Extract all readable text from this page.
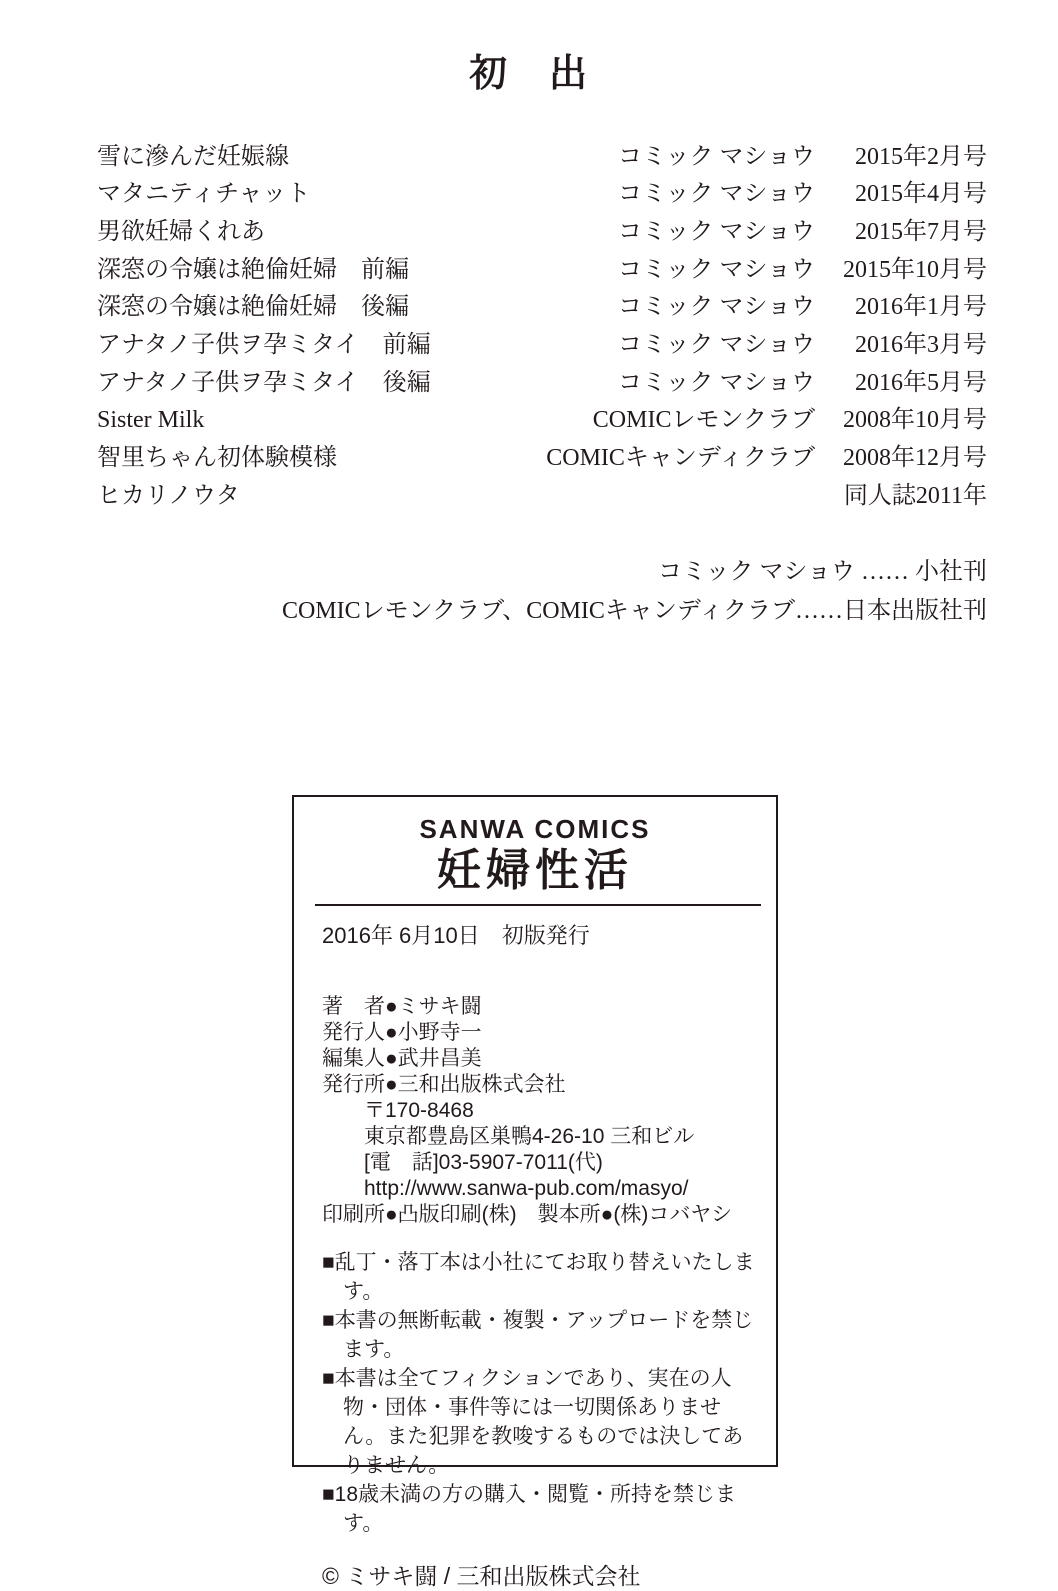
初　出
雪に滲んだ妊娠線	コミック マショウ	2015年2月号
マタニティチャット	コミック マショウ	2015年4月号
男欲妊婦くれあ	コミック マショウ	2015年7月号
深窓の令嬢は絶倫妊婦　前編	コミック マショウ	2015年10月号
深窓の令嬢は絶倫妊婦　後編	コミック マショウ	2016年1月号
アナタノ子供ヲ孕ミタイ　前編	コミック マショウ	2016年3月号
アナタノ子供ヲ孕ミタイ　後編	コミック マショウ	2016年5月号
Sister Milk	COMICレモンクラブ	2008年10月号
智里ちゃん初体験模様	COMICキャンディクラブ	2008年12月号
ヒカリノウタ	同人誌2011年
コミック マショウ …… 小社刊
COMICレモンクラブ、COMICキャンディクラブ……日本出版社刊
SANWA COMICS
妊婦性活
2016年 6月10日　初版発行
著　者●ミサキ闘
発行人●小野寺一
編集人●武井昌美
発行所●三和出版株式会社
〒170-8468
東京都豊島区巣鴨4-26-10 三和ビル
[電　話]03-5907-7011(代)
http://www.sanwa-pub.com/masyo/
印刷所●凸版印刷(株)　製本所●(株)コバヤシ
■乱丁・落丁本は小社にてお取り替えいたします。
■本書の無断転載・複製・アップロードを禁じます。
■本書は全てフィクションであり、実在の人物・団体・事件等には一切関係ありません。また犯罪を教唆するものでは決してありません。
■18歳未満の方の購入・閲覧・所持を禁じます。
© ミサキ闘 / 三和出版株式会社
